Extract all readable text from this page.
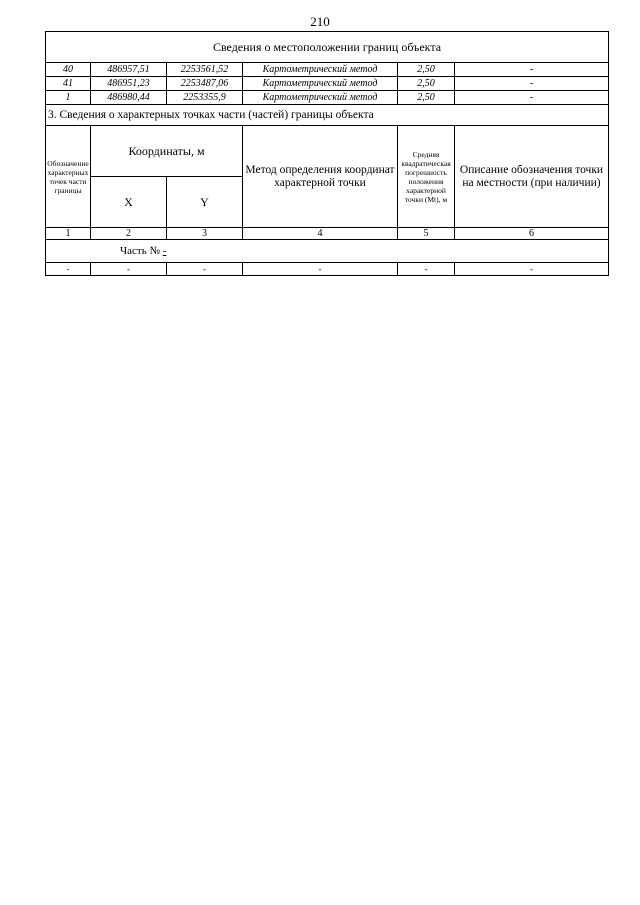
210
Сведения о местоположении границ объекта					
40	486957,51	2253561,52	Картометрический метод	2,50	-
41	486951,23	2253487,06	Картометрический метод	2,50	-
1	486980,44	2253355,9	Картометрический метод	2,50	-
3. Сведения о характерных точках части (частей) границы объекта					
Обозначение характерных точек части границы	Координаты, м		Метод определения координат характерной точки	Средняя квадратическая погрешность положения характерной точки (Mt), м	Описание обозначения точки на местности (при наличии)
	X	Y			
1	2	3	4	5	6
Часть № -					
-	-	-	-	-	-
